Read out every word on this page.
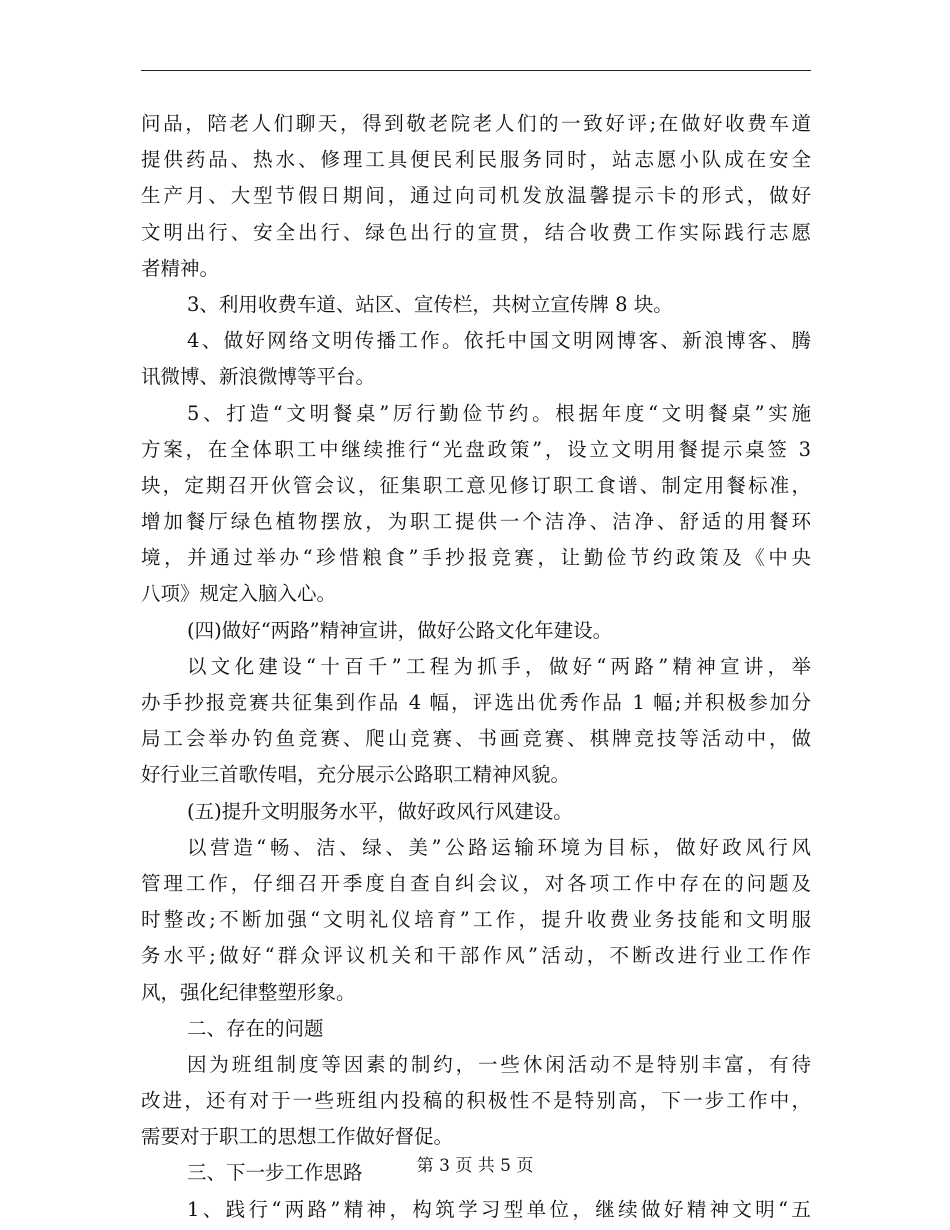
问品，陪老人们聊天，得到敬老院老人们的一致好评;在做好收费车道
提供药品、热水、修理工具便民利民服务同时，站志愿小队成在安全
生产月、大型节假日期间，通过向司机发放温馨提示卡的形式，做好
文明出行、安全出行、绿色出行的宣贯，结合收费工作实际践行志愿
者精神。
3、利用收费车道、站区、宣传栏，共树立宣传牌 8 块。
4、做好网络文明传播工作。依托中国文明网博客、新浪博客、腾
讯微博、新浪微博等平台。
5、打造“文明餐桌”厉行勤俭节约。根据年度“文明餐桌”实施
方案，在全体职工中继续推行“光盘政策”，设立文明用餐提示桌签 3
块，定期召开伙管会议，征集职工意见修订职工食谱、制定用餐标准，
增加餐厅绿色植物摆放，为职工提供一个洁净、洁净、舒适的用餐环
境，并通过举办“珍惜粮食”手抄报竞赛，让勤俭节约政策及《中央
八项》规定入脑入心。
(四)做好“两路”精神宣讲，做好公路文化年建设。
以文化建设“十百千”工程为抓手，做好“两路”精神宣讲，举
办手抄报竞赛共征集到作品 4 幅，评选出优秀作品 1 幅;并积极参加分
局工会举办钓鱼竞赛、爬山竞赛、书画竞赛、棋牌竞技等活动中，做
好行业三首歌传唱，充分展示公路职工精神风貌。
(五)提升文明服务水平，做好政风行风建设。
以营造“畅、洁、绿、美”公路运输环境为目标，做好政风行风
管理工作，仔细召开季度自查自纠会议，对各项工作中存在的问题及
时整改;不断加强“文明礼仪培育”工作，提升收费业务技能和文明服
务水平;做好“群众评议机关和干部作风”活动，不断改进行业工作作
风，强化纪律整塑形象。
二、存在的问题
因为班组制度等因素的制约，一些休闲活动不是特别丰富，有待
改进，还有对于一些班组内投稿的积极性不是特别高，下一步工作中，
需要对于职工的思想工作做好督促。
三、下一步工作思路
1、践行“两路”精神，构筑学习型单位，继续做好精神文明“五
第 3 页 共 5 页
